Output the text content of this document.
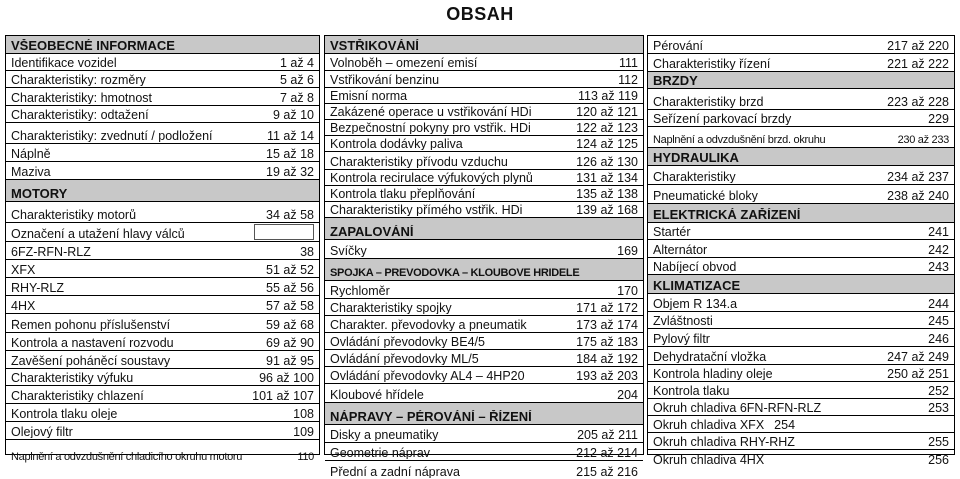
OBSAH
VŠEOBECNÉ INFORMACE
Identifikace vozidel	1 až 4
Charakteristiky: rozměry	5 až 6
Charakteristiky: hmotnost	7 až 8
Charakteristiky: odtažení	9 až 10
Charakteristiky: zvednutí / podložení	11 až 14
Náplně	15 až 18
Maziva	19 až 32
MOTORY
Charakteristiky motorů	34 až 58
Označení a utažení hlavy válců
6FZ-RFN-RLZ	38
XFX	51 až 52
RHY-RLZ	55 až 56
4HX	57 až 58
Řemen pohonu příslušenství	59 až 68
Kontrola a nastavení rozvodu	69 až 90
Zavěšení poháněcí soustavy	91 až 95
Charakteristiky výfuku	96 až 100
Charakteristiky chlazení	101 až 107
Kontrola tlaku oleje	108
Olejový filtr	109
Naplnění a odvzdušnění chladicího okruhu motoru	110
VSTŘIKOVÁNÍ
Volnoběh – omezení emisí	111
Vstřikování benzinu	112
Emisní norma	113 až 119
Zakázené operace u vstřikování HDi	120 až 121
Bezpečnostní pokyny pro vstřik. HDi	122 až 123
Kontrola dodávky paliva	124 až 125
Charakteristiky přívodu vzduchu	126 až 130
Kontrola recirulace výfukových plynů	131 až 134
Kontrola tlaku přeplňování	135 až 138
Charakteristiky přímého vstřik. HDi	139 až 168
ZAPALOVÁNÍ
Svíčky	169
SPOJKA – PŘEVODOVKA – KLOUBOVÉ HŘÍDELE
Rychloměr	170
Charakteristiky spojky	171 až 172
Charakter. převodovky a pneumatik	173 až 174
Ovládání převodovky BE4/5	175 až 183
Ovládání převodovky ML/5	184 až 192
Ovládání převodovky AL4 – 4HP20	193 až 203
Kloubové hřídele	204
NÁPRAVY – PÉROVÁNÍ – ŘÍZENÍ
Disky a pneumatiky	205 až 211
Geometrie náprav	212 až 214
Přední a zadní náprava	215 až 216
Pérování	217 až 220
Charakteristiky řízení	221 až 222
BRZDY
Charakteristiky brzd	223 až 228
Seřízení parkovací brzdy	229
Naplnění a odvzdušnění brzd. okruhu	230 až 233
HYDRAULIKA
Charakteristiky	234 až 237
Pneumatické bloky	238 až 240
ELEKTRICKÁ ZAŘÍZENÍ
Startér	241
Alternátor	242
Nabíjecí obvod	243
KLIMATIZACE
Objem R 134.a	244
Zvláštnosti	245
Pylový filtr	246
Dehydratační vložka	247 až 249
Kontrola hladiny oleje	250 až 251
Kontrola tlaku	252
Okruh chladiva 6FN-RFN-RLZ	253
Okruh chladiva XFX 254
Okruh chladiva RHY-RHZ	255
Okruh chladiva 4HX	256
